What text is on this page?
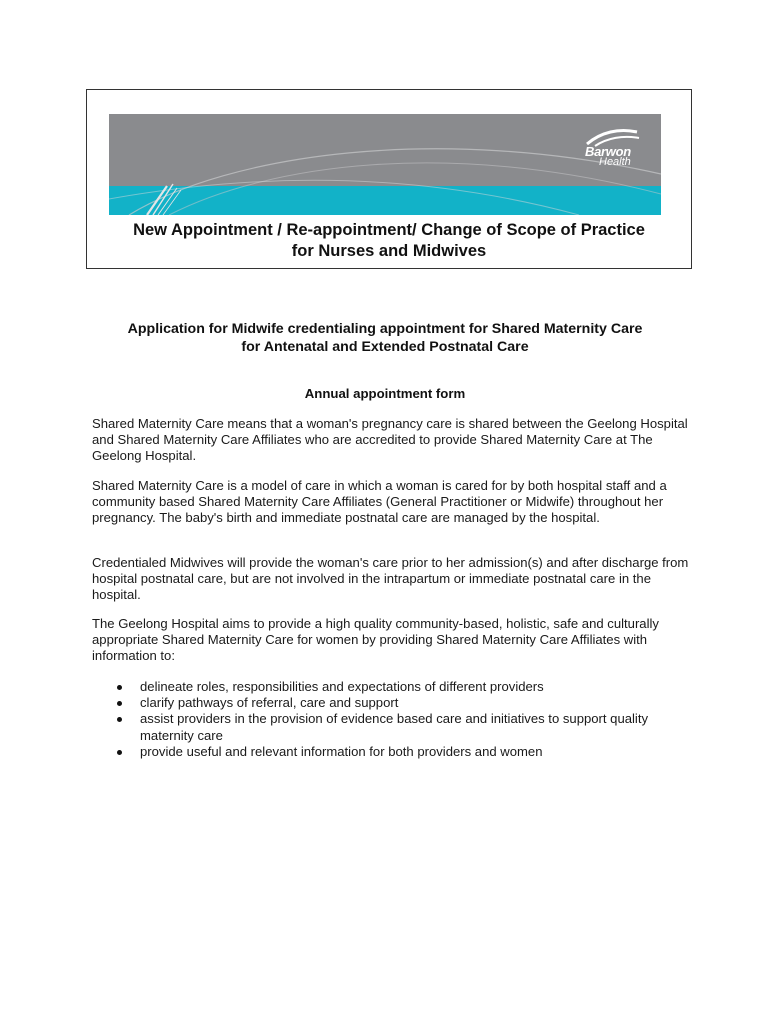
Barwon
Health
New Appointment / Re-appointment/ Change of Scope of Practice
for Nurses and Midwives
Application for Midwife credentialing appointment for Shared Maternity Care
for Antenatal and Extended Postnatal Care
Annual appointment form

Shared Maternity Care means that a woman's pregnancy care is shared between the Geelong Hospital and Shared Maternity Care Affiliates who are accredited to provide Shared Maternity Care at The Geelong Hospital.

Shared Maternity Care is a model of care in which a woman is cared for by both hospital staff and a community based Shared Maternity Care Affiliates (General Practitioner or Midwife) throughout her pregnancy. The baby's birth and immediate postnatal care are managed by the hospital.

Credentialed Midwives will provide the woman's care prior to her admission(s) and after discharge from hospital postnatal care, but are not involved in the intrapartum or immediate postnatal care in the hospital.

The Geelong Hospital aims to provide a high quality community-based, holistic, safe and culturally appropriate Shared Maternity Care for women by providing Shared Maternity Care Affiliates with information to:

delineate roles, responsibilities and expectations of different providers
clarify pathways of referral, care and support
assist providers in the provision of evidence based care and initiatives to support quality maternity care
provide useful and relevant information for both providers and women
